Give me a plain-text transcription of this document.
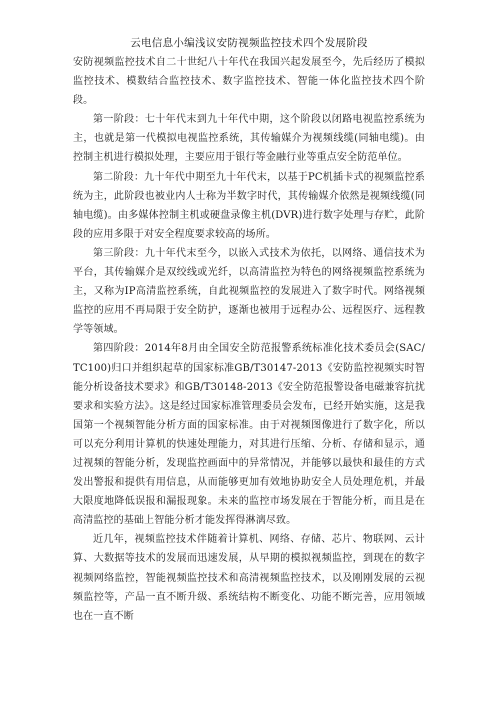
云电信息小编浅议安防视频监控技术四个发展阶段

安防视频监控技术自二十世纪八十年代在我国兴起发展至今，先后经历了模拟监控技术、模数结合监控技术、数字监控技术、智能一体化监控技术四个阶段。

第一阶段：七十年代末到九十年代中期，这个阶段以闭路电视监控系统为主，也就是第一代模拟电视监控系统，其传输媒介为视频线缆(同轴电缆)。由控制主机进行模拟处理，主要应用于银行等金融行业等重点安全防范单位。

第二阶段：九十年代中期至九十年代末，以基于PC机插卡式的视频监控系统为主，此阶段也被业内人士称为半数字时代，其传输媒介依然是视频线缆(同轴电缆)。由多媒体控制主机或硬盘录像主机(DVR)进行数字处理与存贮，此阶段的应用多限于对安全程度要求较高的场所。

第三阶段：九十年代末至今，以嵌入式技术为依托，以网络、通信技术为平台，其传输媒介是双绞线或光纤，以高清监控为特色的网络视频监控系统为主，又称为IP高清监控系统，自此视频监控的发展进入了数字时代。网络视频监控的应用不再局限于安全防护，逐渐也被用于远程办公、远程医疗、远程教学等领域。

第四阶段：2014年8月由全国安全防范报警系统标准化技术委员会(SAC/TC100)归口并组织起草的国家标准GB/T30147-2013《安防监控视频实时智能分析设备技术要求》和GB/T30148-2013《安全防范报警设备电磁兼容抗扰要求和实验方法》。这是经过国家标准管理委员会发布，已经开始实施，这是我国第一个视频智能分析方面的国家标准。由于对视频图像进行了数字化，所以可以充分利用计算机的快速处理能力，对其进行压缩、分析、存储和显示，通过视频的智能分析，发现监控画面中的异常情况，并能够以最快和最佳的方式发出警报和提供有用信息，从而能够更加有效地协助安全人员处理危机，并最大限度地降低误报和漏报现象。未来的监控市场发展在于智能分析，而且是在高清监控的基础上智能分析才能发挥得淋漓尽致。

近几年，视频监控技术伴随着计算机、网络、存储、芯片、物联网、云计算、大数据等技术的发展而迅速发展，从早期的模拟视频监控，到现在的数字视频网络监控，智能视频监控技术和高清视频监控技术，以及刚刚发展的云视频监控等，产品一直不断升级、系统结构不断变化、功能不断完善，应用领域也在一直不断
